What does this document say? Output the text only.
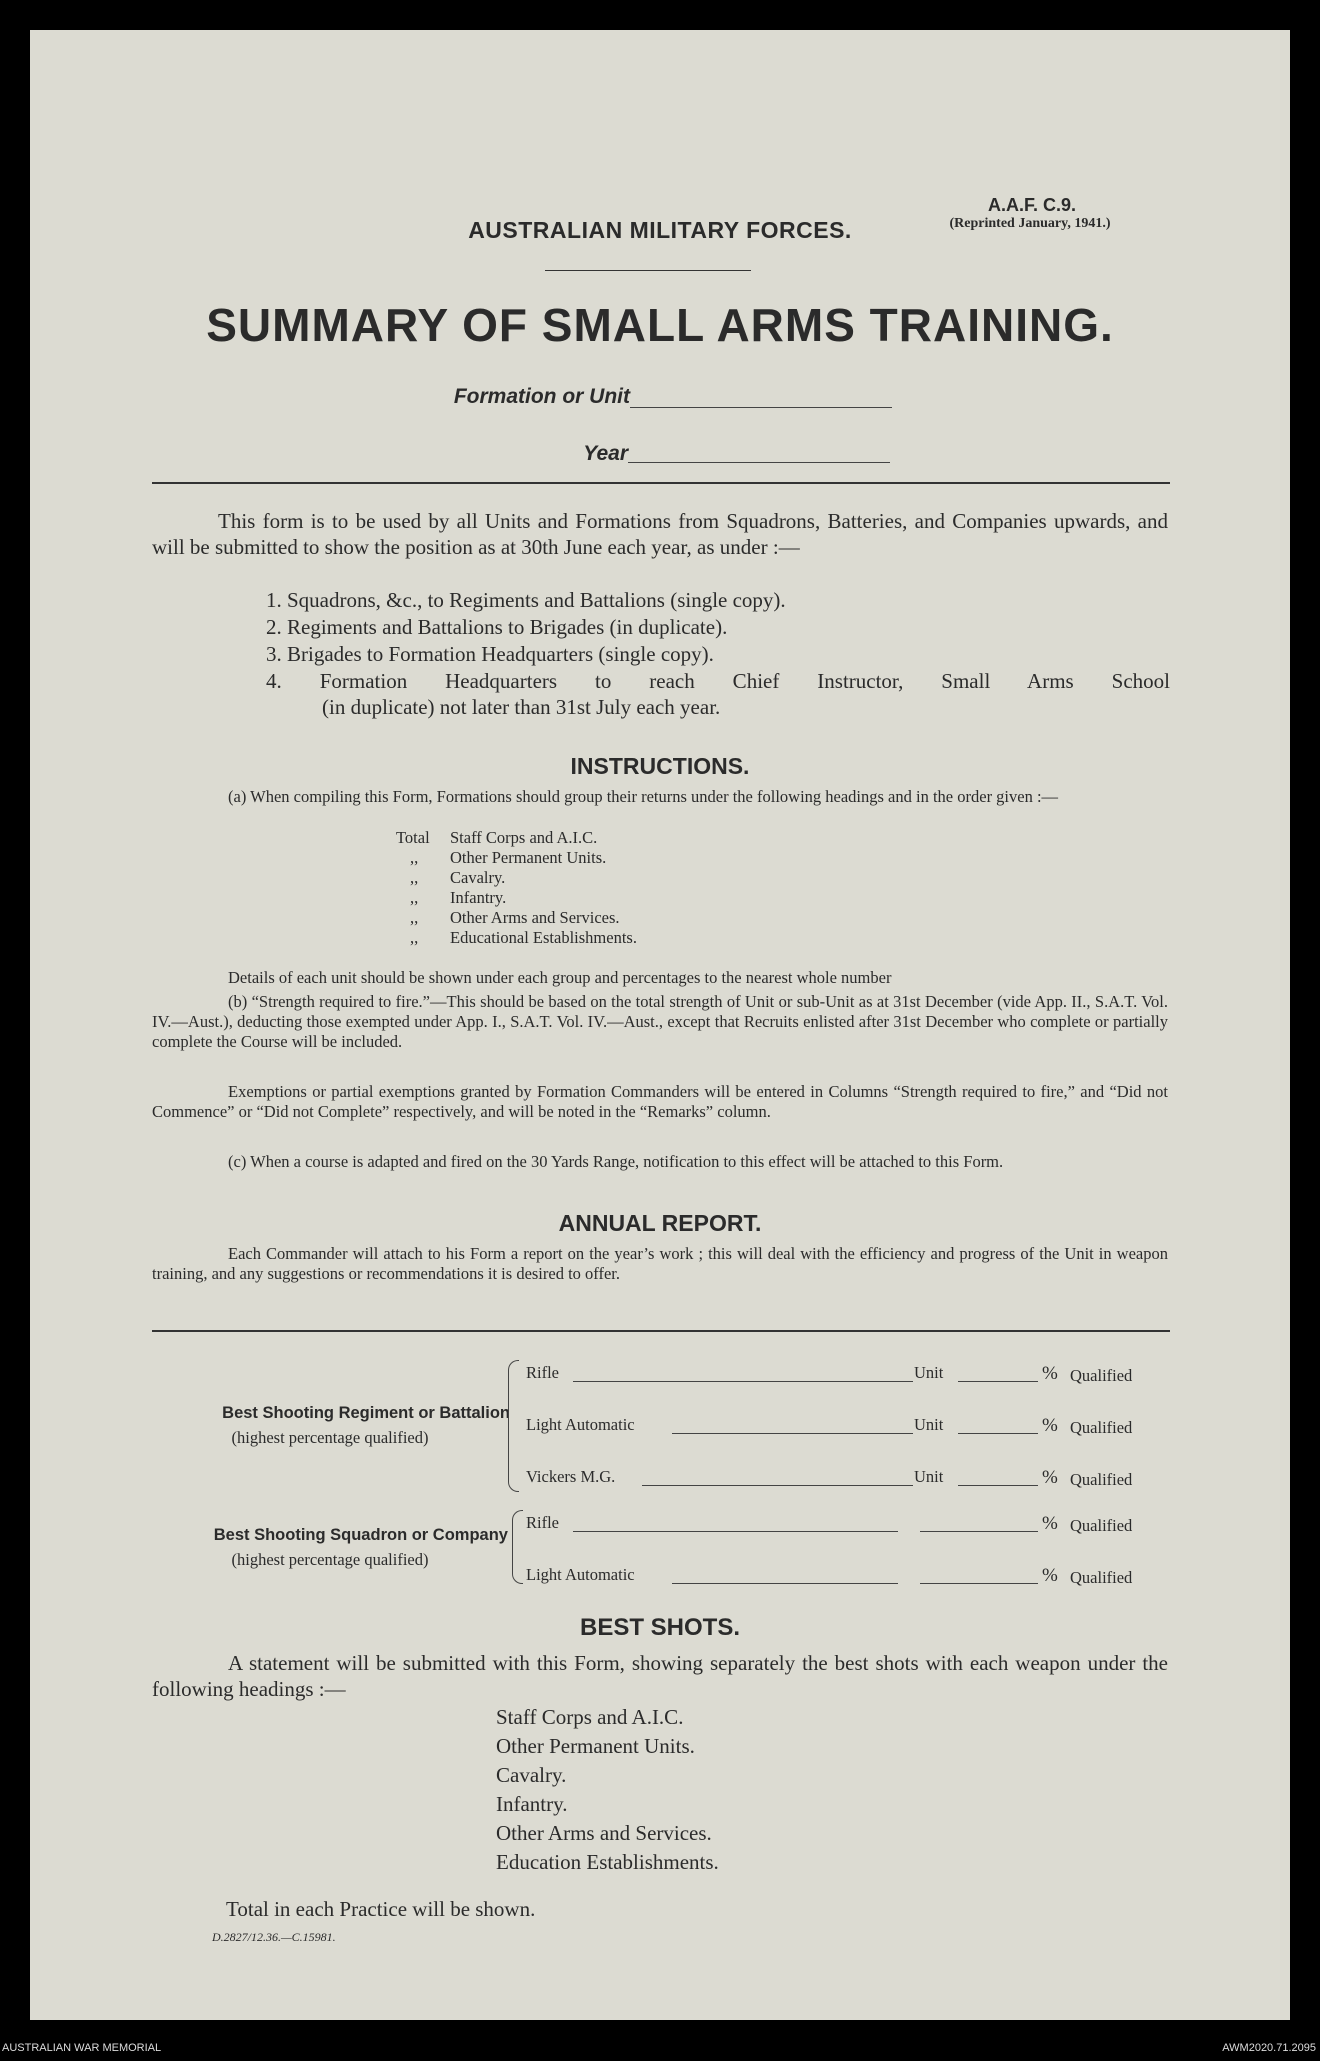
A.A.F. C.9.
(Reprinted January, 1941.)
AUSTRALIAN MILITARY FORCES.
SUMMARY OF SMALL ARMS TRAINING.
Formation or Unit
Year
This form is to be used by all Units and Formations from Squadrons, Batteries, and Companies upwards, and will be submitted to show the position as at 30th June each year, as under :—
1. Squadrons, &c., to Regiments and Battalions (single copy).
2. Regiments and Battalions to Brigades (in duplicate).
3. Brigades to Formation Headquarters (single copy).
4. Formation Headquarters to reach Chief Instructor, Small Arms School
(in duplicate) not later than 31st July each year.
INSTRUCTIONS.
(a) When compiling this Form, Formations should group their returns under the following headings and in the order given :—
Total	Staff Corps and A.I.C.
,,	Other Permanent Units.
,,	Cavalry.
,,	Infantry.
,,	Other Arms and Services.
,,	Educational Establishments.
Details of each unit should be shown under each group and percentages to the nearest whole number
(b) “Strength required to fire.”—This should be based on the total strength of Unit or sub-Unit as at 31st December (vide App. II., S.A.T. Vol. IV.—Aust.), deducting those exempted under App. I., S.A.T. Vol. IV.—Aust., except that Recruits enlisted after 31st December who complete or partially complete the Course will be included.
Exemptions or partial exemptions granted by Formation Commanders will be entered in Columns “Strength required to fire,” and “Did not Commence” or “Did not Complete” respectively, and will be noted in the “Remarks” column.
(c) When a course is adapted and fired on the 30 Yards Range, notification to this effect will be attached to this Form.
ANNUAL REPORT.
Each Commander will attach to his Form a report on the year’s work ; this will deal with the efficiency and progress of the Unit in weapon training, and any suggestions or recommendations it is desired to offer.
Best Shooting Regiment or Battalion
(highest percentage qualified)
Rifle	Unit	% Qualified
Light Automatic	Unit	% Qualified
Vickers M.G.	Unit	% Qualified
Best Shooting Squadron or Company
(highest percentage qualified)
Rifle	% Qualified
Light Automatic	% Qualified
BEST SHOTS.
A statement will be submitted with this Form, showing separately the best shots with each weapon under the following headings :—
Staff Corps and A.I.C.
Other Permanent Units.
Cavalry.
Infantry.
Other Arms and Services.
Education Establishments.
Total in each Practice will be shown.
D.2827/12.36.—C.15981.
AUSTRALIAN WAR MEMORIAL	AWM2020.71.2095
